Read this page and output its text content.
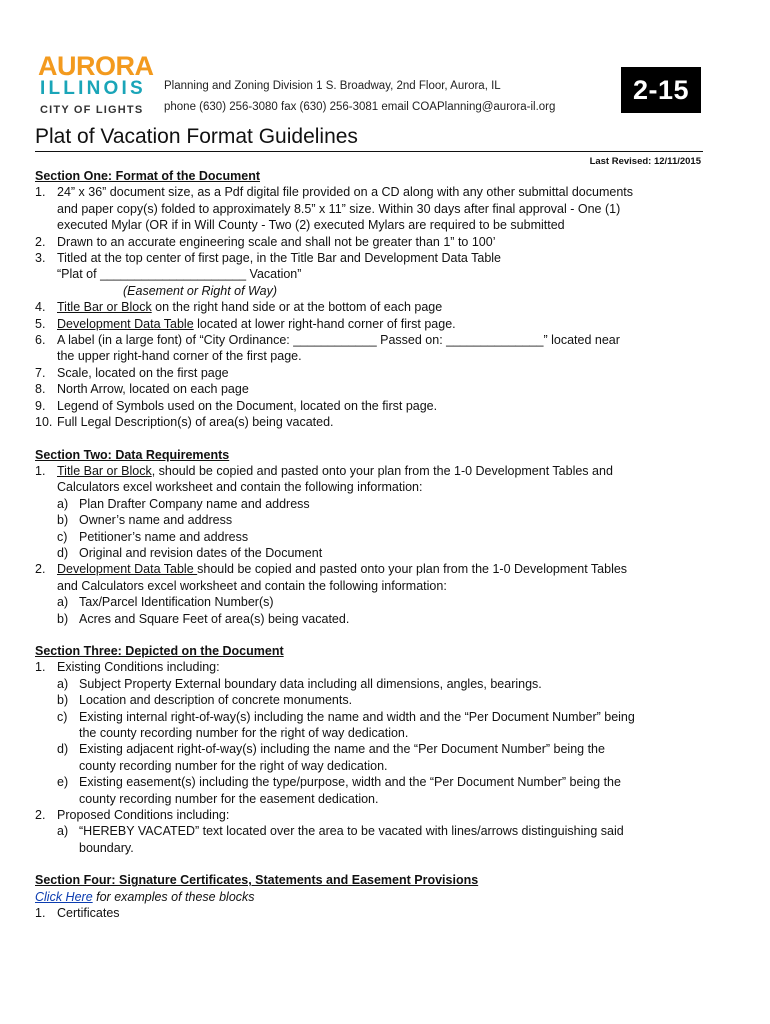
AURORA
ILLINOIS
CITY OF LIGHTS
Planning and Zoning Division 1 S. Broadway, 2nd Floor, Aurora, IL
phone (630) 256-3080 fax (630) 256-3081 email COAPlanning@aurora-il.org
2-15
Plat of Vacation Format Guidelines
Last Revised: 12/11/2015
Section One: Format of the Document
1. 24” x 36” document size, as a Pdf digital file provided on a CD along with any other submittal documents
and paper copy(s) folded to approximately 8.5” x 11” size. Within 30 days after final approval - One (1)
executed Mylar (OR if in Will County - Two (2) executed Mylars are required to be submitted
2. Drawn to an accurate engineering scale and shall not be greater than 1” to 100’
3. Titled at the top center of first page, in the Title Bar and Development Data Table
“Plat of _____________________ Vacation”
(Easement or Right of Way)
4. Title Bar or Block on the right hand side or at the bottom of each page
5. Development Data Table located at lower right-hand corner of first page.
6. A label (in a large font) of “City Ordinance: ____________ Passed on: ______________” located near
the upper right-hand corner of the first page.
7. Scale, located on the first page
8. North Arrow, located on each page
9. Legend of Symbols used on the Document, located on the first page.
10. Full Legal Description(s) of area(s) being vacated.
Section Two: Data Requirements
1. Title Bar or Block, should be copied and pasted onto your plan from the 1-0 Development Tables and
Calculators excel worksheet and contain the following information:
a) Plan Drafter Company name and address
b) Owner’s name and address
c) Petitioner’s name and address
d) Original and revision dates of the Document
2. Development Data Table should be copied and pasted onto your plan from the 1-0 Development Tables
and Calculators excel worksheet and contain the following information:
a) Tax/Parcel Identification Number(s)
b) Acres and Square Feet of area(s) being vacated.
Section Three: Depicted on the Document
1. Existing Conditions including:
a) Subject Property External boundary data including all dimensions, angles, bearings.
b) Location and description of concrete monuments.
c) Existing internal right-of-way(s) including the name and width and the “Per Document Number” being
the county recording number for the right of way dedication.
d) Existing adjacent right-of-way(s) including the name and the “Per Document Number” being the
county recording number for the right of way dedication.
e) Existing easement(s) including the type/purpose, width and the “Per Document Number” being the
county recording number for the easement dedication.
2. Proposed Conditions including:
a) “HEREBY VACATED” text located over the area to be vacated with lines/arrows distinguishing said
boundary.
Section Four: Signature Certificates, Statements and Easement Provisions
Click Here for examples of these blocks
1. Certificates
